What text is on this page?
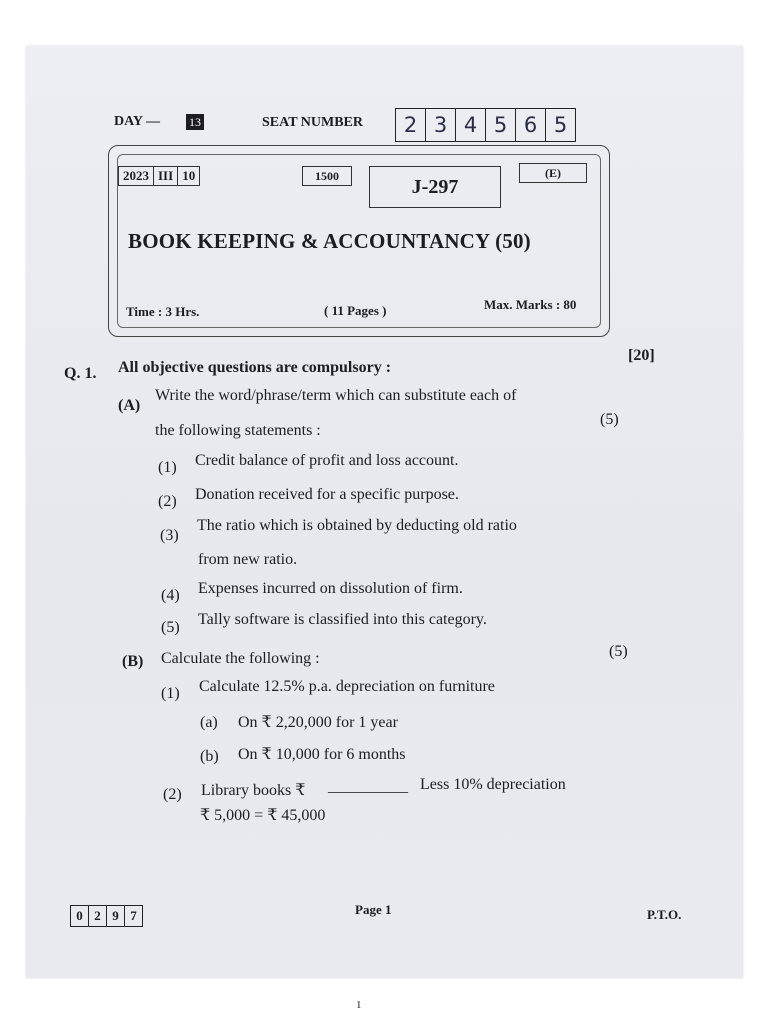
DAY — 13	SEAT NUMBER	2 3 4 5 6 5
2023 III 10	1500	J-297
(E)
BOOK KEEPING & ACCOUNTANCY (50)
Time : 3 Hrs.	( 11 Pages )	Max. Marks : 80
Q. 1. All objective questions are compulsory :
[20]
(A)
Write the word/phrase/term which can substitute each of
the following statements :
(5)
(1) Credit balance of profit and loss account.
(2) Donation received for a specific purpose.
(3)
The ratio which is obtained by deducting old ratio
from new ratio.
(4) Expenses incurred on dissolution of firm.
(5) Tally software is classified into this category.
(B) Calculate the following :	(5)
(1) Calculate 12.5% p.a. depreciation on furniture
(a) On ₹ 2,20,000 for 1 year
(b) On ₹ 10,000 for 6 months
(2) Library books ₹ __________ Less 10% depreciation
₹ 5,000 = ₹ 45,000
0 2 9 7	Page 1	P.T.O.
1
